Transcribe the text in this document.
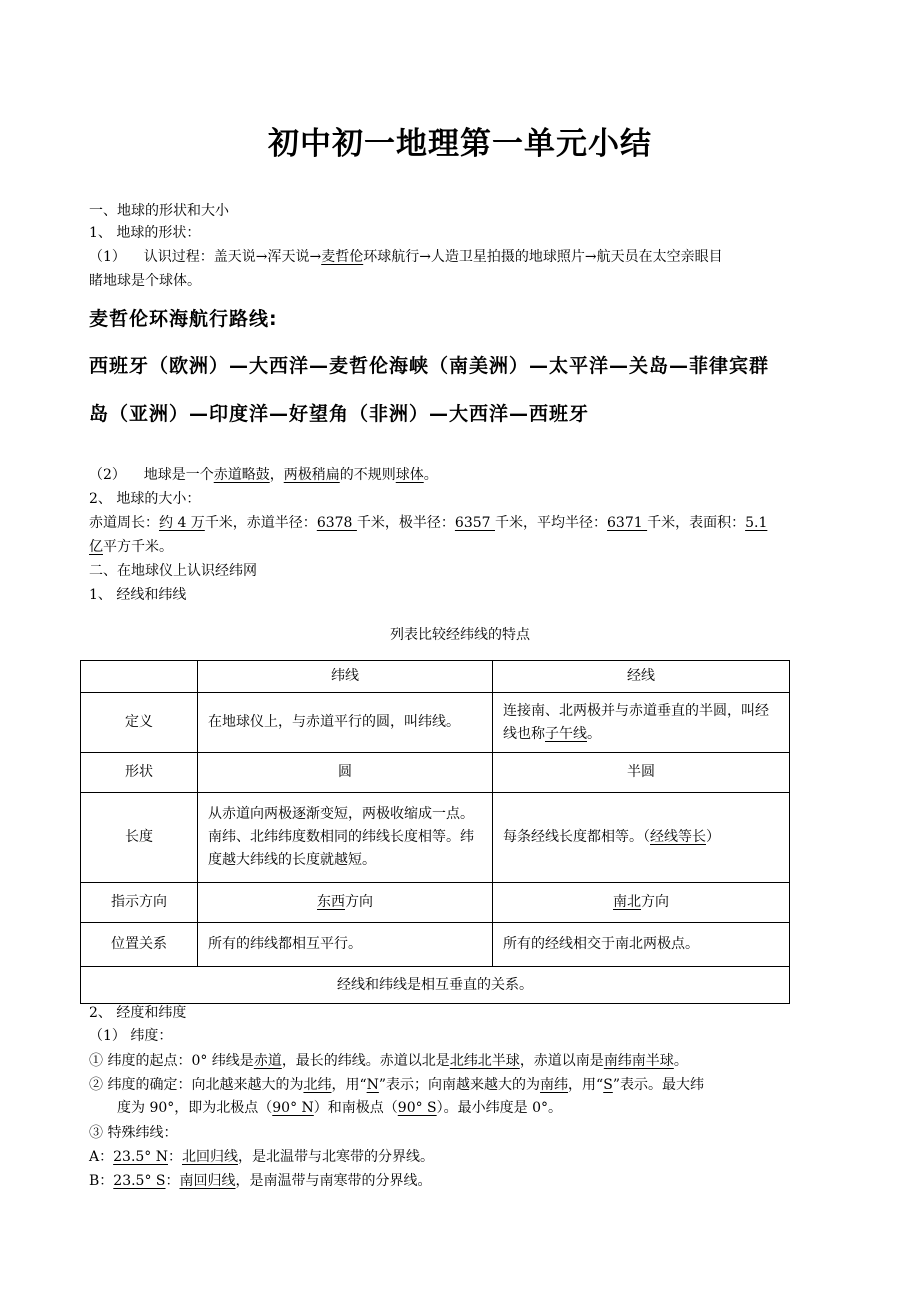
初中初一地理第一单元小结
一、地球的形状和大小
1、 地球的形状：
（1） 认识过程：盖天说→浑天说→麦哲伦环球航行→人造卫星拍摄的地球照片→航天员在太空亲眼目
睹地球是个球体。
麦哲伦环海航行路线:
西班牙（欧洲）—大西洋—麦哲伦海峡（南美洲）—太平洋—关岛—菲律宾群
岛（亚洲）—印度洋—好望角（非洲）—大西洋—西班牙
（2） 地球是一个赤道略鼓，两极稍扁的不规则球体。
2、 地球的大小：
赤道周长：约 4 万千米，赤道半径：6378 千米，极半径：6357 千米，平均半径：6371 千米，表面积：5.1
亿平方千米。
二、在地球仪上认识经纬网
1、 经线和纬线
列表比较经纬线的特点
	纬线	经线
定义	在地球仪上，与赤道平行的圆，叫纬线。	连接南、北两极并与赤道垂直的半圆，叫经线也称子午线。
形状	圆	半圆
长度	从赤道向两极逐渐变短，两极收缩成一点。南纬、北纬纬度数相同的纬线长度相等。纬度越大纬线的长度就越短。	每条经线长度都相等。（经线等长）
指示方向	东西方向	南北方向
位置关系	所有的纬线都相互平行。	所有的经线相交于南北两极点。
经线和纬线是相互垂直的关系。		
2、 经度和纬度
（1） 纬度：
① 纬度的起点：0° 纬线是赤道，最长的纬线。赤道以北是北纬北半球，赤道以南是南纬南半球。
② 纬度的确定：向北越来越大的为北纬，用“N”表示；向南越来越大的为南纬，用“S”表示。最大纬
度为 90°，即为北极点（90° N）和南极点（90° S）。最小纬度是 0°。
③ 特殊纬线：
A：23.5° N：北回归线，是北温带与北寒带的分界线。
B：23.5° S：南回归线，是南温带与南寒带的分界线。
